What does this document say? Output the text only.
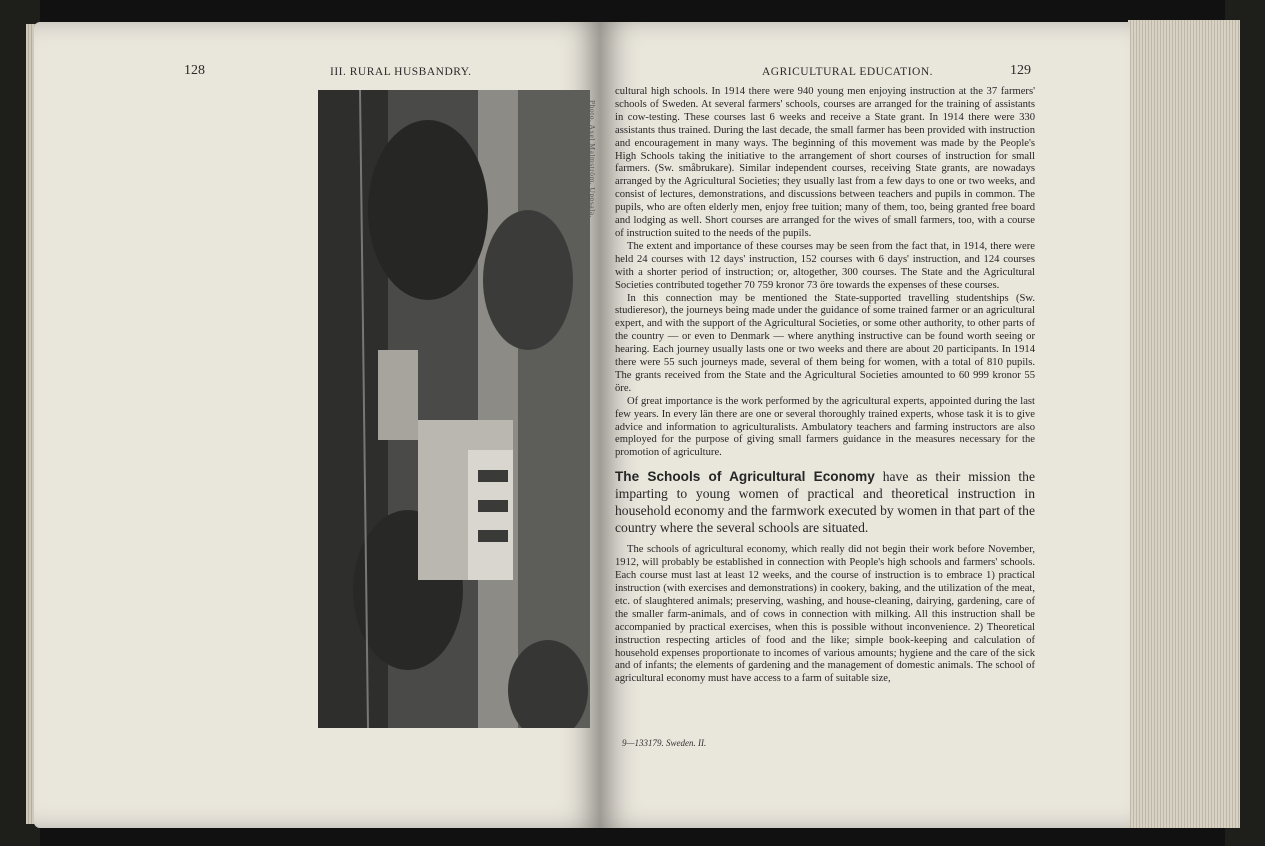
128	III. RURAL HUSBANDRY.
Photo. Axel Malmström, Uppsala.
AGRICULTURAL EDUCATION.	129

cultural high schools. In 1914 there were 940 young men enjoying instruction at the 37 farmers' schools of Sweden. At several farmers' schools, courses are arranged for the training of assistants in cow-testing. These courses last 6 weeks and receive a State grant. In 1914 there were 330 assistants thus trained. During the last decade, the small farmer has been provided with instruction and encouragement in many ways. The beginning of this movement was made by the People's High Schools taking the initiative to the arrangement of short courses of instruction for small farmers. (Sw. småbrukare). Similar independent courses, receiving State grants, are nowadays arranged by the Agricultural Societies; they usually last from a few days to one or two weeks, and consist of lectures, demonstrations, and discussions between teachers and pupils in common. The pupils, who are often elderly men, enjoy free tuition; many of them, too, being granted free board and lodging as well. Short courses are arranged for the wives of small farmers, too, with a course of instruction suited to the needs of the pupils.

The extent and importance of these courses may be seen from the fact that, in 1914, there were held 24 courses with 12 days' instruction, 152 courses with 6 days' instruction, and 124 courses with a shorter period of instruction; or, altogether, 300 courses. The State and the Agricultural Societies contributed together 70 759 kronor 73 öre towards the expenses of these courses.

In this connection may be mentioned the State-supported travelling studentships (Sw. studieresor), the journeys being made under the guidance of some trained farmer or an agricultural expert, and with the support of the Agricultural Societies, or some other authority, to other parts of the country — or even to Denmark — where anything instructive can be found worth seeing or hearing. Each journey usually lasts one or two weeks and there are about 20 participants. In 1914 there were 55 such journeys made, several of them being for women, with a total of 810 pupils. The grants received from the State and the Agricultural Societies amounted to 60 999 kronor 55 öre.

Of great importance is the work performed by the agricultural experts, appointed during the last few years. In every län there are one or several thoroughly trained experts, whose task it is to give advice and information to agriculturalists. Ambulatory teachers and farming instructors are also employed for the purpose of giving small farmers guidance in the measures necessary for the promotion of agriculture.

The Schools of Agricultural Economy have as their mission the imparting to young women of practical and theoretical instruction in household economy and the farmwork executed by women in that part of the country where the several schools are situated.

The schools of agricultural economy, which really did not begin their work before November, 1912, will probably be established in connection with People's high schools and farmers' schools. Each course must last at least 12 weeks, and the course of instruction is to embrace 1) practical instruction (with exercises and demonstrations) in cookery, baking, and the utilization of the meat, etc. of slaughtered animals; preserving, washing, and house-cleaning, dairying, gardening, care of the smaller farm-animals, and of cows in connection with milking. All this instruction shall be accompanied by practical exercises, when this is possible without inconvenience. 2) Theoretical instruction respecting articles of food and the like; simple book-keeping and calculation of household expenses proportionate to incomes of various amounts; hygiene and the care of the sick and of infants; the elements of gardening and the management of domestic animals. The school of agricultural economy must have access to a farm of suitable size,

9—133179. Sweden. II.
